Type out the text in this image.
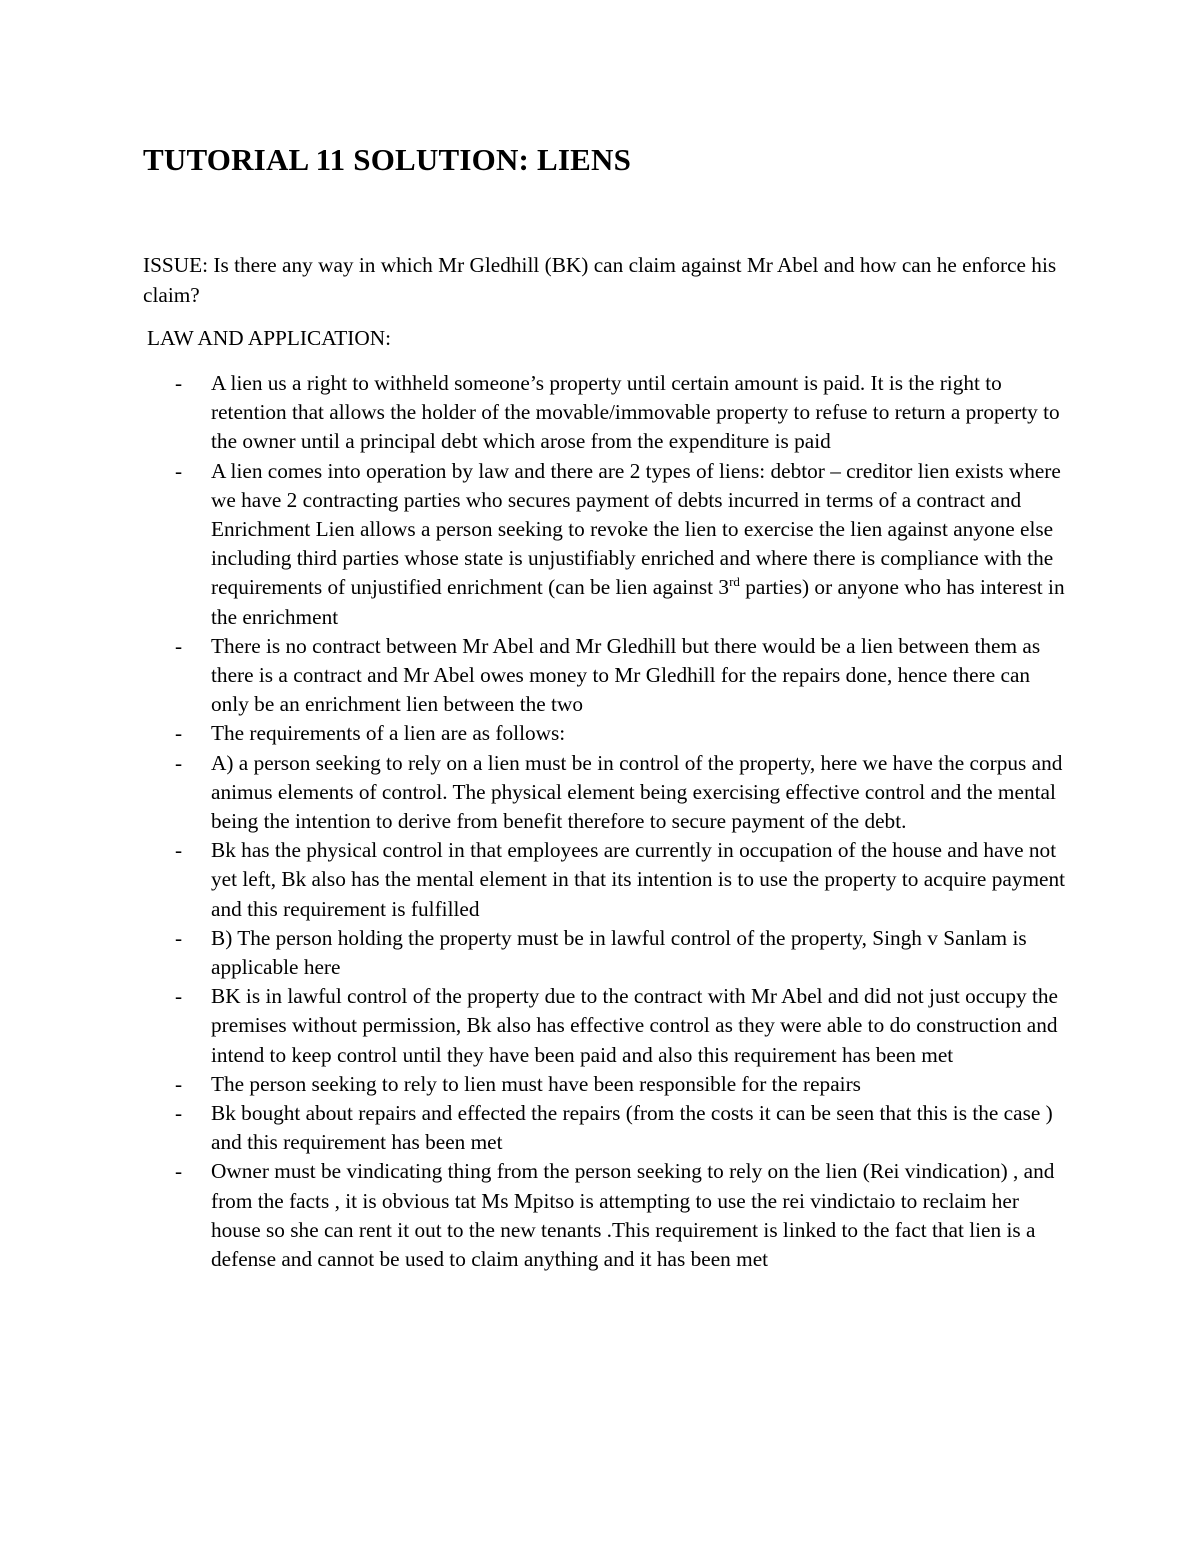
TUTORIAL 11 SOLUTION: LIENS

ISSUE: Is there any way in which Mr Gledhill (BK) can claim against Mr Abel and how can he enforce his claim?

LAW AND APPLICATION:

- A lien us a right to withheld someone’s property until certain amount is paid. It is the right to retention that allows the holder of the movable/immovable property to refuse to return a property to the owner until a principal debt which arose from the expenditure is paid
- A lien comes into operation by law and there are 2 types of liens: debtor – creditor lien exists where we have 2 contracting parties who secures payment of debts incurred in terms of a contract and Enrichment Lien allows a person seeking to revoke the lien to exercise the lien against anyone else including third parties whose state is unjustifiably enriched and where there is compliance with the requirements of unjustified enrichment (can be lien against 3rd parties) or anyone who has interest in the enrichment
- There is no contract between Mr Abel and Mr Gledhill but there would be a lien between them as there is a contract and Mr Abel owes money to Mr Gledhill for the repairs done, hence there can only be an enrichment lien between the two
- The requirements of a lien are as follows:
- A) a person seeking to rely on a lien must be in control of the property, here we have the corpus and animus elements of control. The physical element being exercising effective control and the mental being the intention to derive from benefit therefore to secure payment of the debt.
- Bk has the physical control in that employees are currently in occupation of the house and have not yet left, Bk also has the mental element in that its intention is to use the property to acquire payment and this requirement is fulfilled
- B) The person holding the property must be in lawful control of the property, Singh v Sanlam is applicable here
- BK is in lawful control of the property due to the contract with Mr Abel and did not just occupy the premises without permission, Bk also has effective control as they were able to do construction and intend to keep control until they have been paid and also this requirement has been met
- The person seeking to rely to lien must have been responsible for the repairs
- Bk bought about repairs and effected the repairs (from the costs it can be seen that this is the case ) and this requirement has been met
- Owner must be vindicating thing from the person seeking to rely on the lien (Rei vindication) , and from the facts , it is obvious tat Ms Mpitso is attempting to use the rei vindictaio to reclaim her house so she can rent it out to the new tenants .This requirement is linked to the fact that lien is a defense and cannot be used to claim anything and it has been met
